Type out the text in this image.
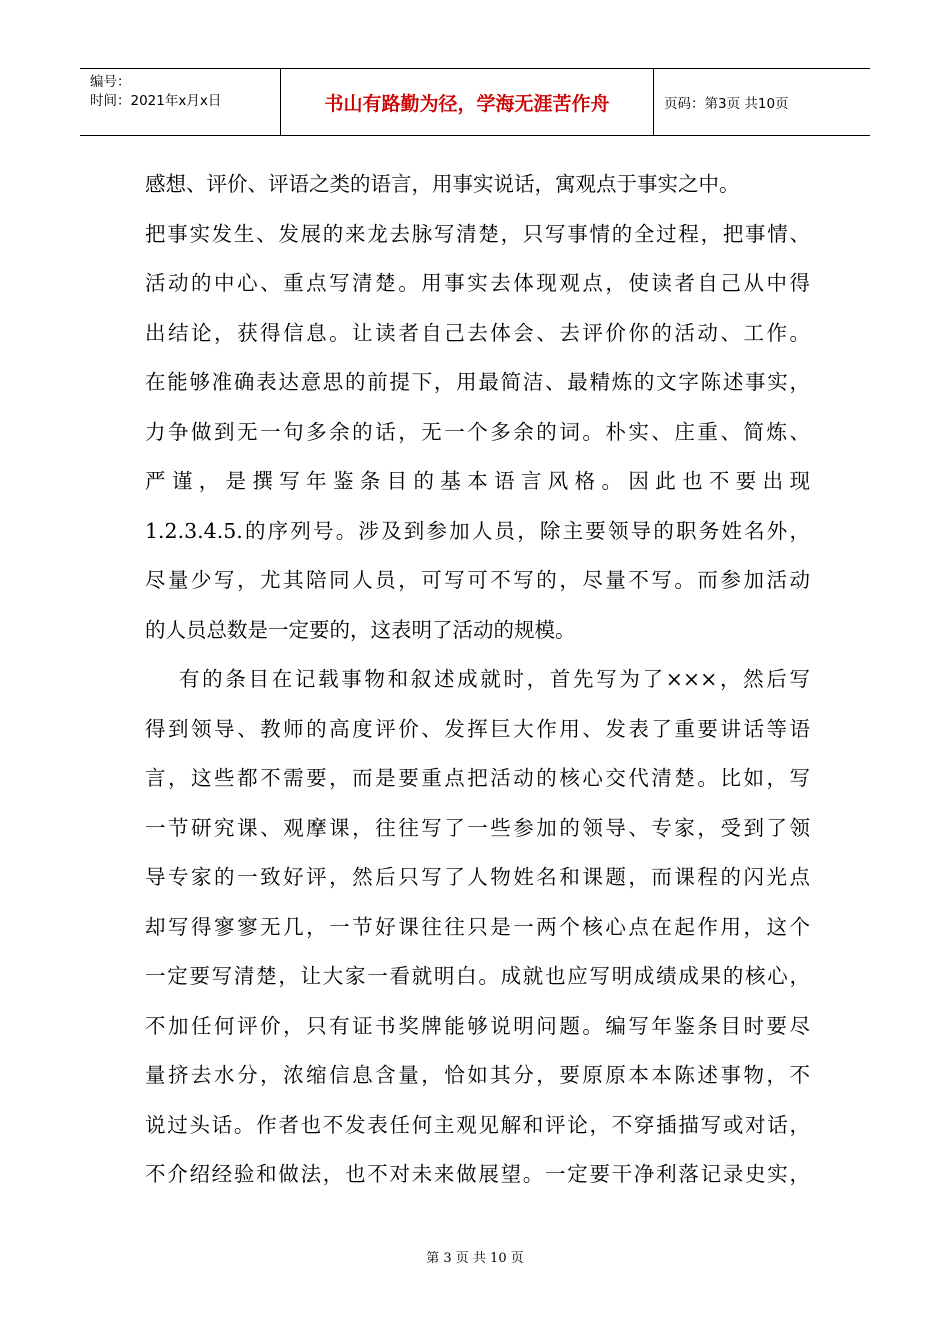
编号：
时间：2021年x月x日	书山有路勤为径，学海无涯苦作舟	页码：第3页 共10页
感想、评价、评语之类的语言，用事实说话，寓观点于事实之中。
把事实发生、发展的来龙去脉写清楚，只写事情的全过程，把事情、
活动的中心、重点写清楚。用事实去体现观点，使读者自己从中得
出结论，获得信息。让读者自己去体会、去评价你的活动、工作。
在能够准确表达意思的前提下，用最简洁、最精炼的文字陈述事实，
力争做到无一句多余的话，无一个多余的词。朴实、庄重、简炼、
严谨，是撰写年鉴条目的基本语言风格。因此也不要出现
1.2.3.4.5.的序列号。涉及到参加人员，除主要领导的职务姓名外，
尽量少写，尤其陪同人员，可写可不写的，尽量不写。而参加活动
的人员总数是一定要的，这表明了活动的规模。
有的条目在记载事物和叙述成就时，首先写为了×××，然后写
得到领导、教师的高度评价、发挥巨大作用、发表了重要讲话等语
言，这些都不需要，而是要重点把活动的核心交代清楚。比如，写
一节研究课、观摩课，往往写了一些参加的领导、专家，受到了领
导专家的一致好评，然后只写了人物姓名和课题，而课程的闪光点
却写得寥寥无几，一节好课往往只是一两个核心点在起作用，这个
一定要写清楚，让大家一看就明白。成就也应写明成绩成果的核心，
不加任何评价，只有证书奖牌能够说明问题。编写年鉴条目时要尽
量挤去水分，浓缩信息含量，恰如其分，要原原本本陈述事物，不
说过头话。作者也不发表任何主观见解和评论，不穿插描写或对话，
不介绍经验和做法，也不对未来做展望。一定要干净利落记录史实，
第 3 页 共 10 页
